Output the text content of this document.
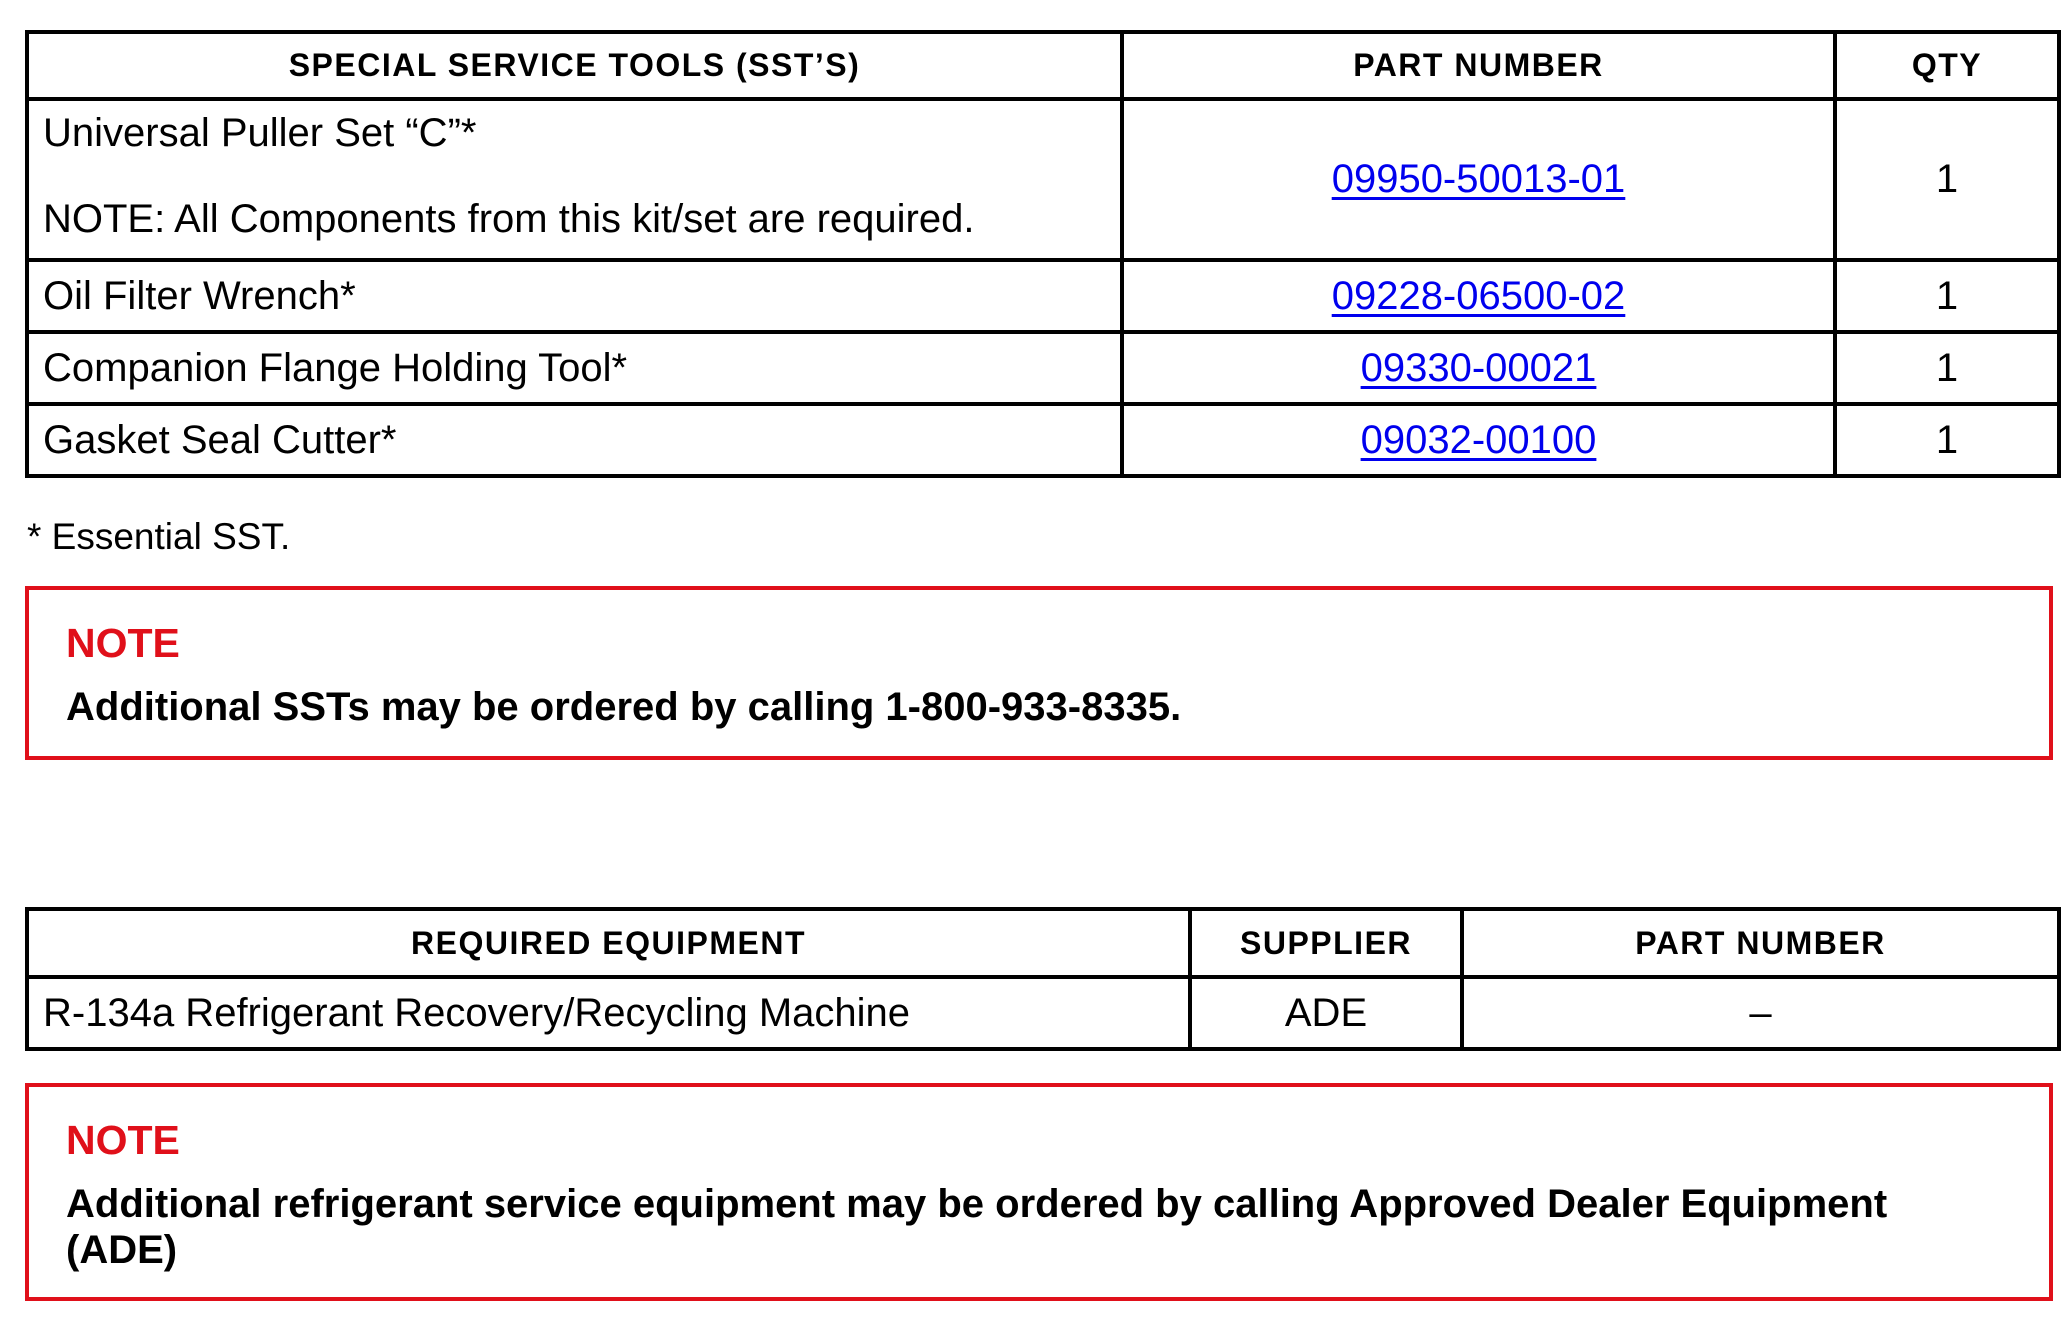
SPECIAL SERVICE TOOLS (SST’S)	PART NUMBER	QTY

Universal Puller Set “C”*
NOTE: All Components from this kit/set are required.	09950-50013-01	1
Oil Filter Wrench*	09228-06500-02	1
Companion Flange Holding Tool*	09330-00021	1
Gasket Seal Cutter*	09032-00100	1
* Essential SST.
NOTE
Additional SSTs may be ordered by calling 1-800-933-8335.
REQUIRED EQUIPMENT	SUPPLIER	PART NUMBER
R-134a Refrigerant Recovery/Recycling Machine	ADE	–
NOTE
Additional refrigerant service equipment may be ordered by calling Approved Dealer Equipment (ADE)
